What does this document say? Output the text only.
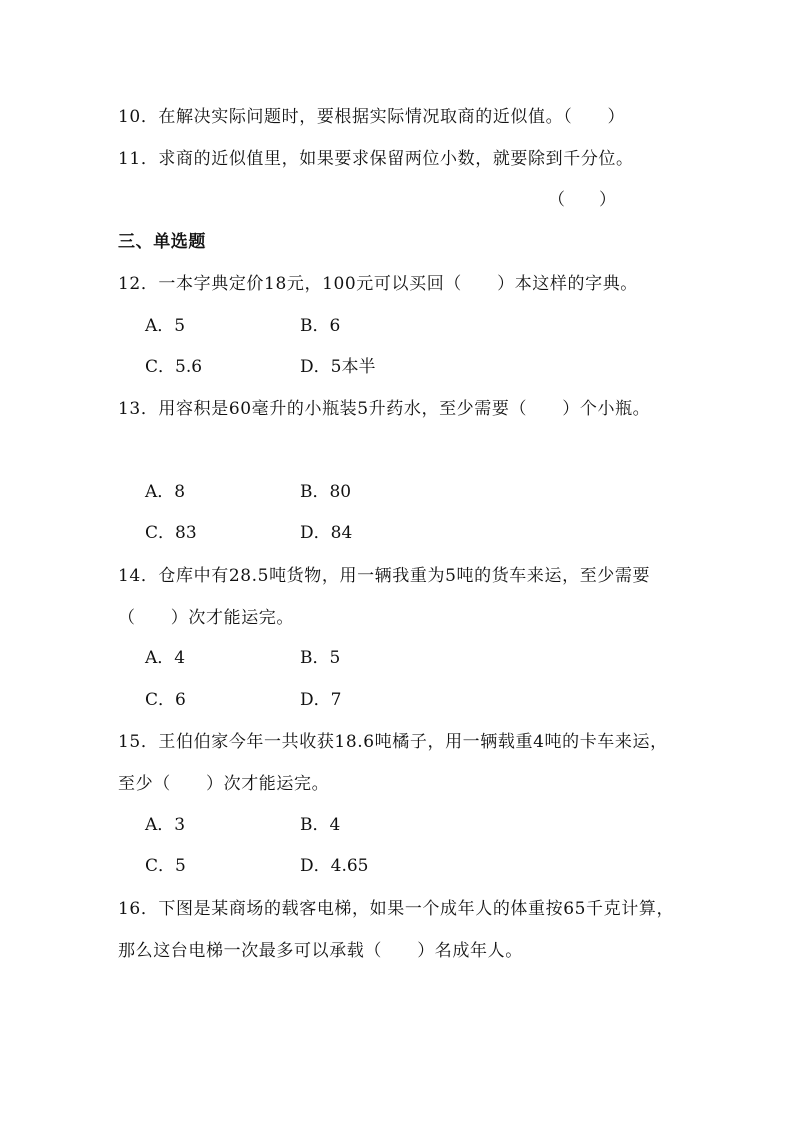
10．在解决实际问题时，要根据实际情况取商的近似值。（　　）
11．求商的近似值里，如果要求保留两位小数，就要除到千分位。
（　　）
三、单选题
12．一本字典定价18元，100元可以买回（　　）本这样的字典。
A．5	B．6
C．5.6	D．5本半
13．用容积是60毫升的小瓶装5升药水，至少需要（　　）个小瓶。
A．8	B．80
C．83	D．84
14．仓库中有28.5吨货物，用一辆我重为5吨的货车来运，至少需要（　　）次才能运完。
A．4	B．5
C．6	D．7
15．王伯伯家今年一共收获18.6吨橘子，用一辆载重4吨的卡车来运，至少（　　）次才能运完。
A．3	B．4
C．5	D．4.65
16．下图是某商场的载客电梯，如果一个成年人的体重按65千克计算，那么这台电梯一次最多可以承载（　　）名成年人。
